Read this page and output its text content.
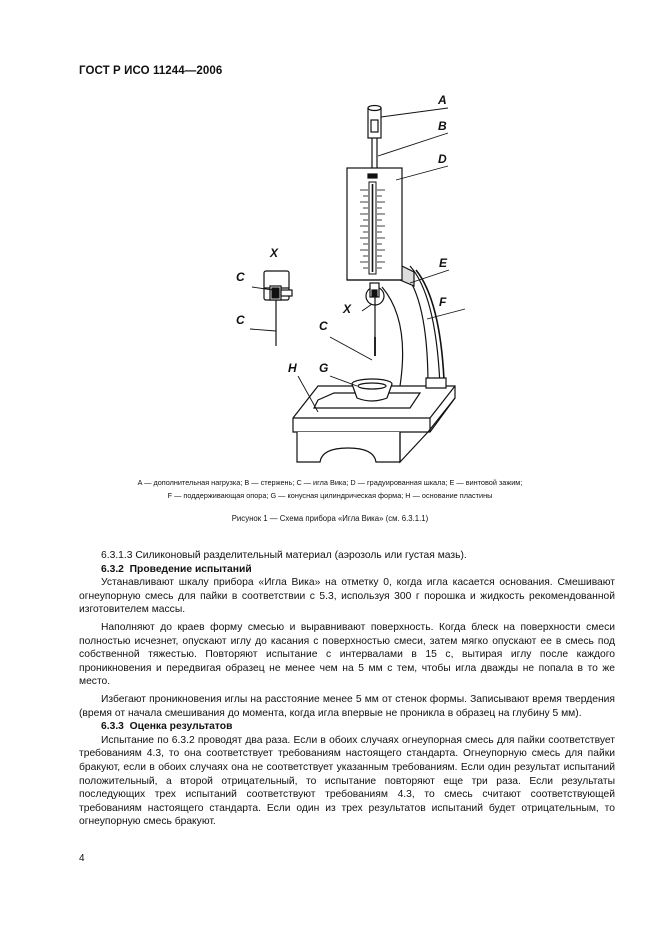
ГОСТ Р ИСО 11244—2006
A
B
D
E
F
X
C
G
H
X
C
C
A — дополнительная нагрузка; B — стержень; C — игла Вика; D — градуированная шкала; E — винтовой зажим;
F — поддерживающая опора; G — конусная цилиндрическая форма; H — основание пластины
Рисунок 1 — Схема прибора «Игла Вика» (см. 6.3.1.1)

6.3.1.3 Силиконовый разделительный материал (аэрозоль или густая мазь).

6.3.2 Проведение испытаний

Устанавливают шкалу прибора «Игла Вика» на отметку 0, когда игла касается основания. Смешивают огнеупорную смесь для пайки в соответствии с 5.3, используя 300 г порошка и жидкость рекомендованной изготовителем массы.

Наполняют до краев форму смесью и выравнивают поверхность. Когда блеск на поверхности смеси полностью исчезнет, опускают иглу до касания с поверхностью смеси, затем мягко опускают ее в смесь под собственной тяжестью. Повторяют испытание с интервалами в 15 с, вытирая иглу после каждого проникновения и передвигая образец не менее чем на 5 мм с тем, чтобы игла дважды не попала в то же место.

Избегают проникновения иглы на расстояние менее 5 мм от стенок формы. Записывают время твердения (время от начала смешивания до момента, когда игла впервые не проникла в образец на глубину 5 мм).

6.3.3 Оценка результатов

Испытание по 6.3.2 проводят два раза. Если в обоих случаях огнеупорная смесь для пайки соответствует требованиям 4.3, то она соответствует требованиям настоящего стандарта. Огнеупорную смесь для пайки бракуют, если в обоих случаях она не соответствует указанным требованиям. Если один результат испытаний положительный, а второй отрицательный, то испытание повторяют еще три раза. Если результаты последующих трех испытаний соответствуют требованиям 4.3, то смесь считают соответствующей требованиям настоящего стандарта. Если один из трех результатов испытаний будет отрицательным, то огнеупорную смесь бракуют.

4
